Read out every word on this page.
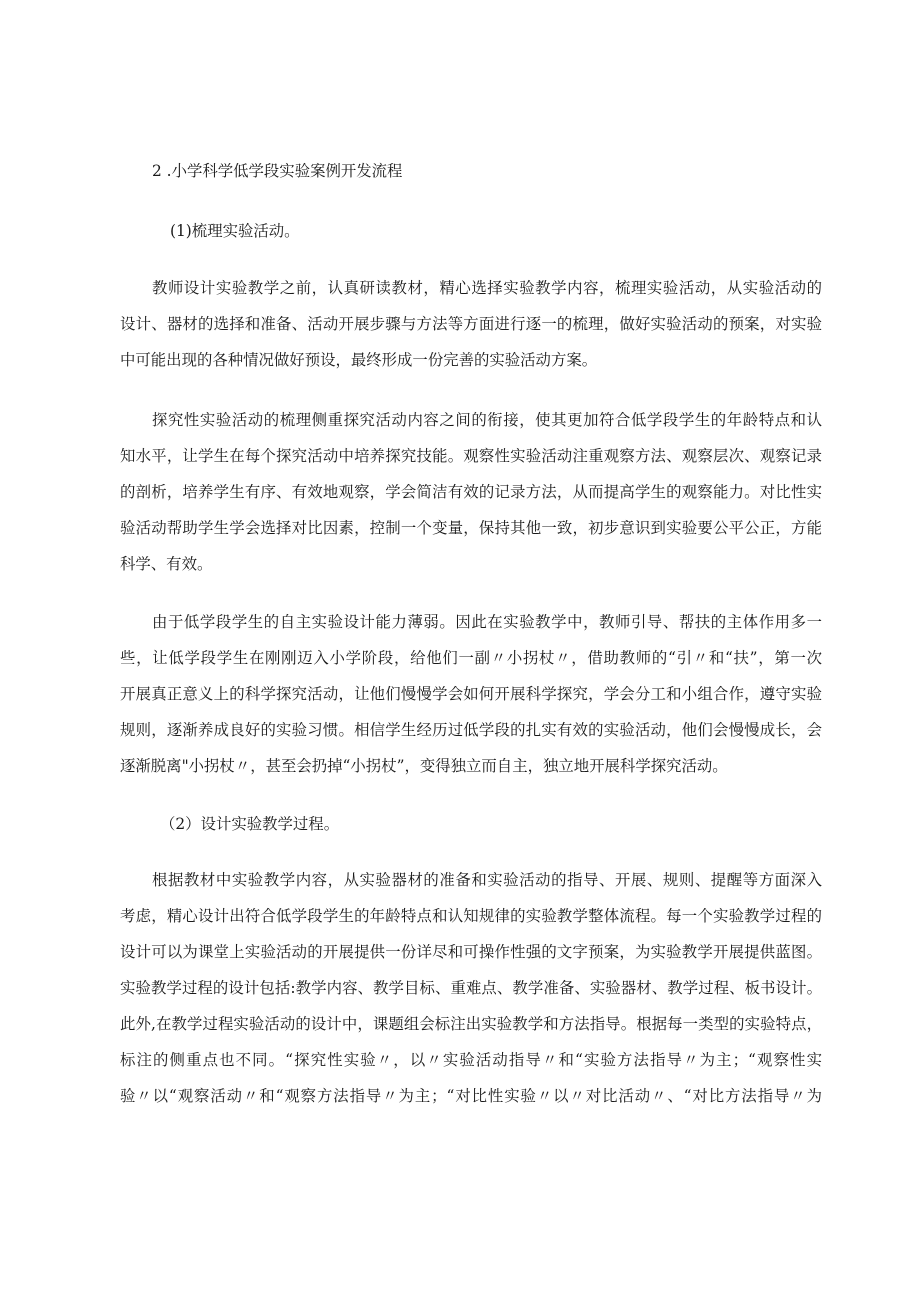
2 .小学科学低学段实验案例开发流程

(1)梳理实验活动。

教师设计实验教学之前，认真研读教材，精心选择实验教学内容，梳理实验活动，从实验活动的

设计、器材的选择和准备、活动开展步骤与方法等方面进行逐一的梳理，做好实验活动的预案，对实验

中可能出现的各种情况做好预设，最终形成一份完善的实验活动方案。

探究性实验活动的梳理侧重探究活动内容之间的衔接，使其更加符合低学段学生的年龄特点和认

知水平，让学生在每个探究活动中培养探究技能。观察性实验活动注重观察方法、观察层次、观察记录

的剖析，培养学生有序、有效地观察，学会简洁有效的记录方法，从而提高学生的观察能力。对比性实

验活动帮助学生学会选择对比因素，控制一个变量，保持其他一致，初步意识到实验要公平公正，方能

科学、有效。

由于低学段学生的自主实验设计能力薄弱。因此在实验教学中，教师引导、帮扶的主体作用多一

些，让低学段学生在刚刚迈入小学阶段，给他们一副〃小拐杖〃，借助教师的“引〃和“扶”，第一次

开展真正意义上的科学探究活动，让他们慢慢学会如何开展科学探究，学会分工和小组合作，遵守实验

规则，逐渐养成良好的实验习惯。相信学生经历过低学段的扎实有效的实验活动，他们会慢慢成长，会

逐渐脱离"小拐杖〃，甚至会扔掉“小拐杖”，变得独立而自主，独立地开展科学探究活动。

（2）设计实验教学过程。

根据教材中实验教学内容，从实验器材的准备和实验活动的指导、开展、规则、提醒等方面深入

考虑，精心设计出符合低学段学生的年龄特点和认知规律的实验教学整体流程。每一个实验教学过程的

设计可以为课堂上实验活动的开展提供一份详尽和可操作性强的文字预案，为实验教学开展提供蓝图。

实验教学过程的设计包括:教学内容、教学目标、重难点、教学准备、实验器材、教学过程、板书设计。

此外,在教学过程实验活动的设计中，课题组会标注出实验教学和方法指导。根据每一类型的实验特点，

标注的侧重点也不同。“探究性实验〃，以〃实验活动指导〃和“实验方法指导〃为主；“观察性实

验〃以“观察活动〃和“观察方法指导〃为主；“对比性实验〃以〃对比活动〃、“对比方法指导〃为
